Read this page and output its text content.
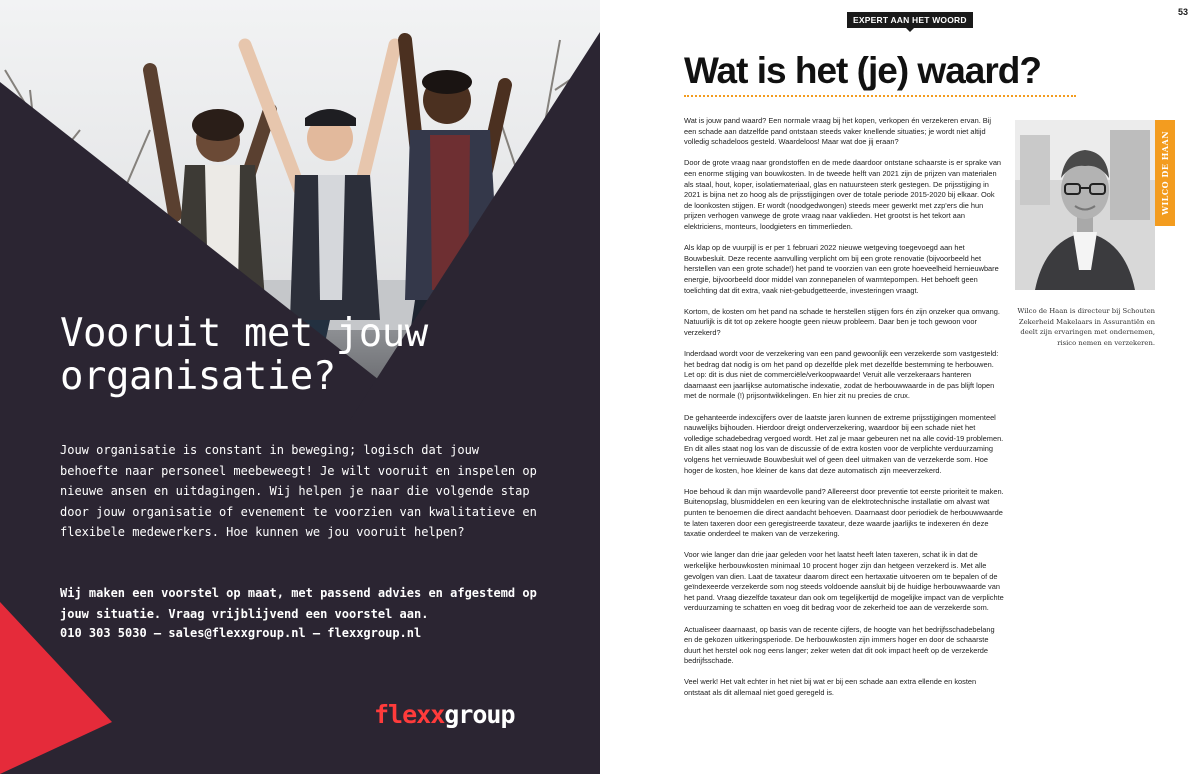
Vooruit met jouw organisatie?
Jouw organisatie is constant in beweging; logisch dat jouw behoefte naar personeel meebeweegt! Je wilt vooruit en inspelen op nieuwe ansen en uitdagingen. Wij helpen je naar die volgende stap door jouw organisatie of evenement te voorzien van kwalitatieve en flexibele medewerkers. Hoe kunnen we jou vooruit helpen?
Wij maken een voorstel op maat, met passend advies en afgestemd op jouw situatie. Vraag vrijblijvend een voorstel aan.
010 303 5030 – sales@flexxgroup.nl – flexxgroup.nl
flexxgroup
53
EXPERT AAN HET WOORD
Wat is het (je) waard?

Wat is jouw pand waard? Een normale vraag bij het kopen, verkopen én verzekeren ervan. Bij een schade aan datzelfde pand ontstaan steeds vaker knellende situaties; je wordt niet altijd volledig schadeloos gesteld. Waardeloos! Maar wat doe jij eraan?

Door de grote vraag naar grondstoffen en de mede daardoor ontstane schaarste is er sprake van een enorme stijging van bouwkosten. In de tweede helft van 2021 zijn de prijzen van materialen als staal, hout, koper, isolatiemateriaal, glas en natuursteen sterk gestegen. De prijsstijging in 2021 is bijna net zo hoog als de prijsstijgingen over de totale periode 2015-2020 bij elkaar. Ook de loonkosten stijgen. Er wordt (noodgedwongen) steeds meer gewerkt met zzp'ers die hun prijzen verhogen vanwege de grote vraag naar vaklieden. Het grootst is het tekort aan elektriciens, monteurs, loodgieters en timmerlieden.

Als klap op de vuurpijl is er per 1 februari 2022 nieuwe wetgeving toegevoegd aan het Bouwbesluit. Deze recente aanvulling verplicht om bij een grote renovatie (bijvoorbeeld het herstellen van een grote schade!) het pand te voorzien van een grote hoeveelheid hernieuwbare energie, bijvoorbeeld door middel van zonnepanelen of warmtepompen. Het behoeft geen toelichting dat dit extra, vaak niet-gebudgetteerde, investeringen vraagt.

Kortom, de kosten om het pand na schade te herstellen stijgen fors én zijn onzeker qua omvang. Natuurlijk is dit tot op zekere hoogte geen nieuw probleem. Daar ben je toch gewoon voor verzekerd?

Inderdaad wordt voor de verzekering van een pand gewoonlijk een verzekerde som vastgesteld: het bedrag dat nodig is om het pand op dezelfde plek met dezelfde bestemming te herbouwen. Let op: dit is dus niet de commerciële/verkoopwaarde! Veruit alle verzekeraars hanteren daarnaast een jaarlijkse automatische indexatie, zodat de herbouwwaarde in de pas blijft lopen met de normale (!) prijsontwikkelingen. En hier zit nu precies de crux.

De gehanteerde indexcijfers over de laatste jaren kunnen de extreme prijsstijgingen momenteel nauwelijks bijhouden. Hierdoor dreigt onderverzekering, waardoor bij een schade niet het volledige schadebedrag vergoed wordt. Het zal je maar gebeuren net na alle covid-19 problemen. En dit alles staat nog los van de discussie of de extra kosten voor de verplichte verduurzaming volgens het vernieuwde Bouwbesluit wel of geen deel uitmaken van de verzekerde som. Hoe hoger de kosten, hoe kleiner de kans dat deze automatisch zijn meeverzekerd.

Hoe behoud ik dan mijn waardevolle pand? Allereerst door preventie tot eerste prioriteit te maken. Buitenopslag, blusmiddelen en een keuring van de elektrotechnische installatie om alvast wat punten te benoemen die direct aandacht behoeven. Daarnaast door periodiek de herbouwwaarde te laten taxeren door een geregistreerde taxateur, deze waarde jaarlijks te indexeren én deze taxatie onderdeel te maken van de verzekering.

Voor wie langer dan drie jaar geleden voor het laatst heeft laten taxeren, schat ik in dat de werkelijke herbouwkosten minimaal 10 procent hoger zijn dan hetgeen verzekerd is. Met alle gevolgen van dien. Laat de taxateur daarom direct een hertaxatie uitvoeren om te bepalen of de geïndexeerde verzekerde som nog steeds voldoende aansluit bij de huidige herbouwwaarde van het pand. Vraag diezelfde taxateur dan ook om tegelijkertijd de mogelijke impact van de verplichte verduurzaming te schatten en voeg dit bedrag voor de zekerheid toe aan de verzekerde som.

Actualiseer daarnaast, op basis van de recente cijfers, de hoogte van het bedrijfsschadebelang en de gekozen uitkeringsperiode. De herbouwkosten zijn immers hoger en door de schaarste duurt het herstel ook nog eens langer; zeker weten dat dit ook impact heeft op de verzekerde bedrijfsschade.

Veel werk! Het valt echter in het niet bij wat er bij een schade aan extra ellende en kosten ontstaat als dit allemaal niet goed geregeld is.

WILCO DE HAAN
Wilco de Haan is directeur bij Schouten Zekerheid Makelaars in Assurantiën en deelt zijn ervaringen met ondernemen, risico nemen en verzekeren.
